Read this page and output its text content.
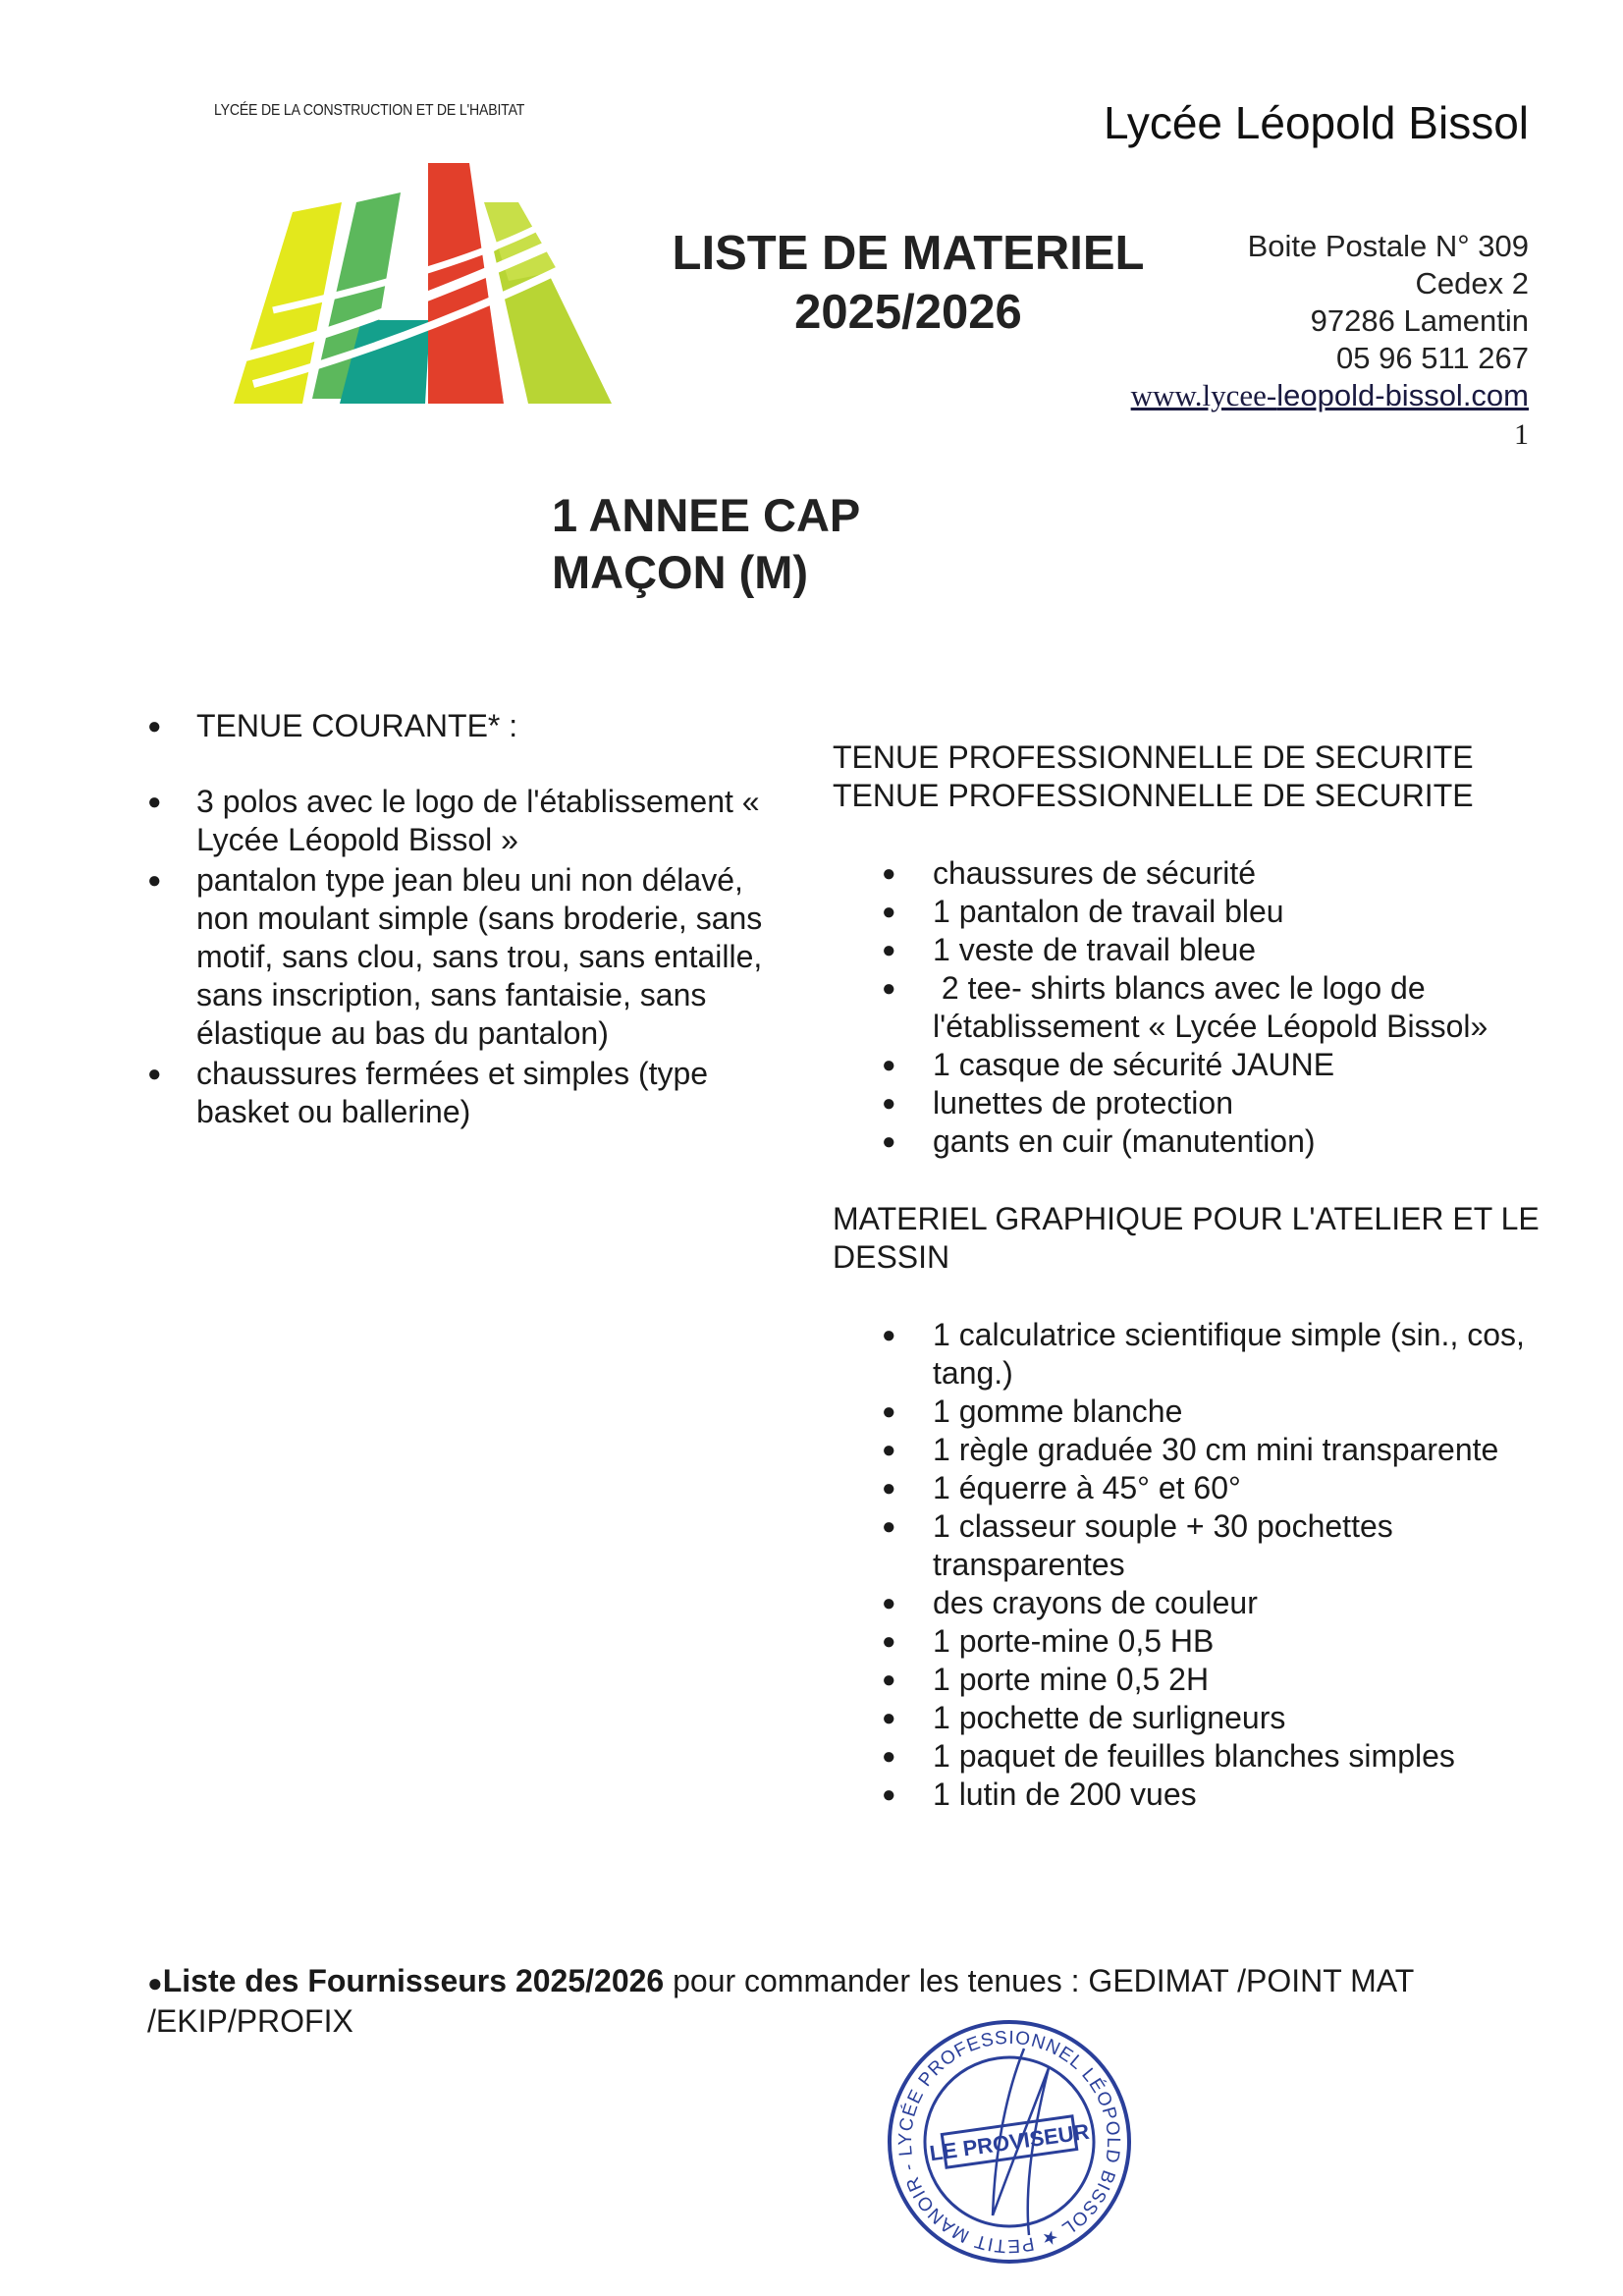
LYCÉE DE LA CONSTRUCTION ET DE L'HABITAT	Lycée Léopold Bissol
LISTE DE MATERIEL
2025/2026
Boite Postale N° 309
Cedex 2
97286 Lamentin
05 96 511 267
www.lycee-leopold-bissol.com
1
1 ANNEE CAP
MAÇON (M)
● TENUE COURANTE* :
● 3 polos avec le logo de l'établissement « Lycée Léopold Bissol »
● pantalon type jean bleu uni non délavé, non moulant simple (sans broderie, sans motif, sans clou, sans trou, sans entaille, sans inscription, sans fantaisie, sans élastique au bas du pantalon)
● chaussures fermées et simples (type basket ou ballerine)
TENUE PROFESSIONNELLE DE SECURITE
TENUE PROFESSIONNELLE DE SECURITE
● chaussures de sécurité
● 1 pantalon de travail bleu
● 1 veste de travail bleue
● 2 tee- shirts blancs avec le logo de l'établissement « Lycée Léopold Bissol»
● 1 casque de sécurité JAUNE
● lunettes de protection
● gants en cuir (manutention)
MATERIEL GRAPHIQUE POUR L'ATELIER ET LE DESSIN
● 1 calculatrice scientifique simple (sin., cos, tang.)
● 1 gomme blanche
● 1 règle graduée 30 cm mini transparente
● 1 équerre à 45° et 60°
● 1 classeur souple + 30 pochettes transparentes
● des crayons de couleur
● 1 porte-mine 0,5 HB
● 1 porte mine 0,5 2H
● 1 pochette de surligneurs
● 1 paquet de feuilles blanches simples
● 1 lutin de 200 vues
●Liste des Fournisseurs 2025/2026 pour commander les tenues : GEDIMAT /POINT MAT /EKIP/PROFIX
LYCÉE PROFESSIONNEL LÉOPOLD BISSOL ★ PETIT MANOIR -
LE PROVISEUR
